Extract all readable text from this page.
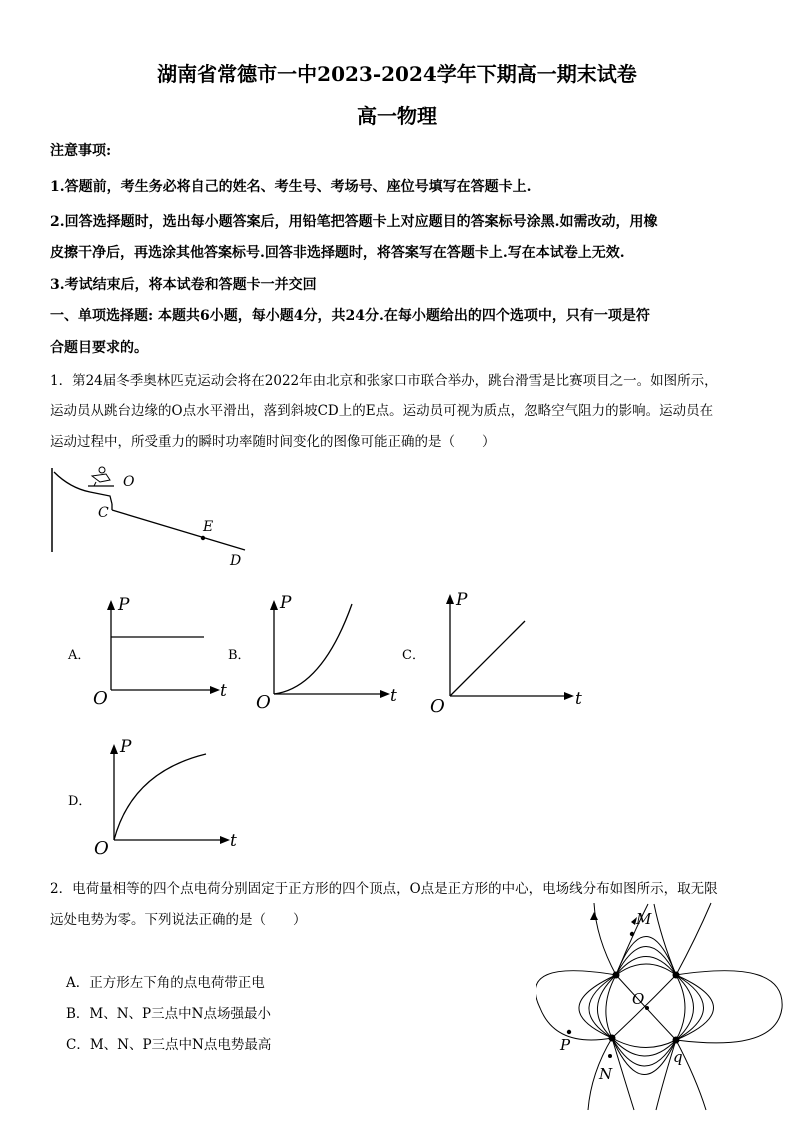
湖南省常德市一中2023-2024学年下期高一期末试卷
高一物理
注意事项:
1.答题前，考生务必将自己的姓名、考生号、考场号、座位号填写在答题卡上.
2.回答选择题时，选出每小题答案后，用铅笔把答题卡上对应题目的答案标号涂黑.如需改动，用橡
皮擦干净后，再选涂其他答案标号.回答非选择题时，将答案写在答题卡上.写在本试卷上无效.
3.考试结束后，将本试卷和答题卡一并交回
一、单项选择题: 本题共6小题，每小题4分，共24分.在每小题给出的四个选项中，只有一项是符
合题目要求的。
1．第24届冬季奥林匹克运动会将在2022年由北京和张家口市联合举办，跳台滑雪是比赛项目之一。如图所示，
运动员从跳台边缘的O点水平滑出，落到斜坡CD上的E点。运动员可视为质点，忽略空气阻力的影响。运动员在
运动过程中，所受重力的瞬时功率随时间变化的图像可能正确的是（　　）
O
C
E
D
A．
P
t
O
B．
P
t
O
C．
P
t
O
D．
P
t
O
2．电荷量相等的四个点电荷分别固定于正方形的四个顶点，O点是正方形的中心，电场线分布如图所示，取无限
远处电势为零。下列说法正确的是（　　）
A．正方形左下角的点电荷带正电
B．M、N、P三点中N点场强最小
C．M、N、P三点中N点电势最高
M
O
P
N
q
